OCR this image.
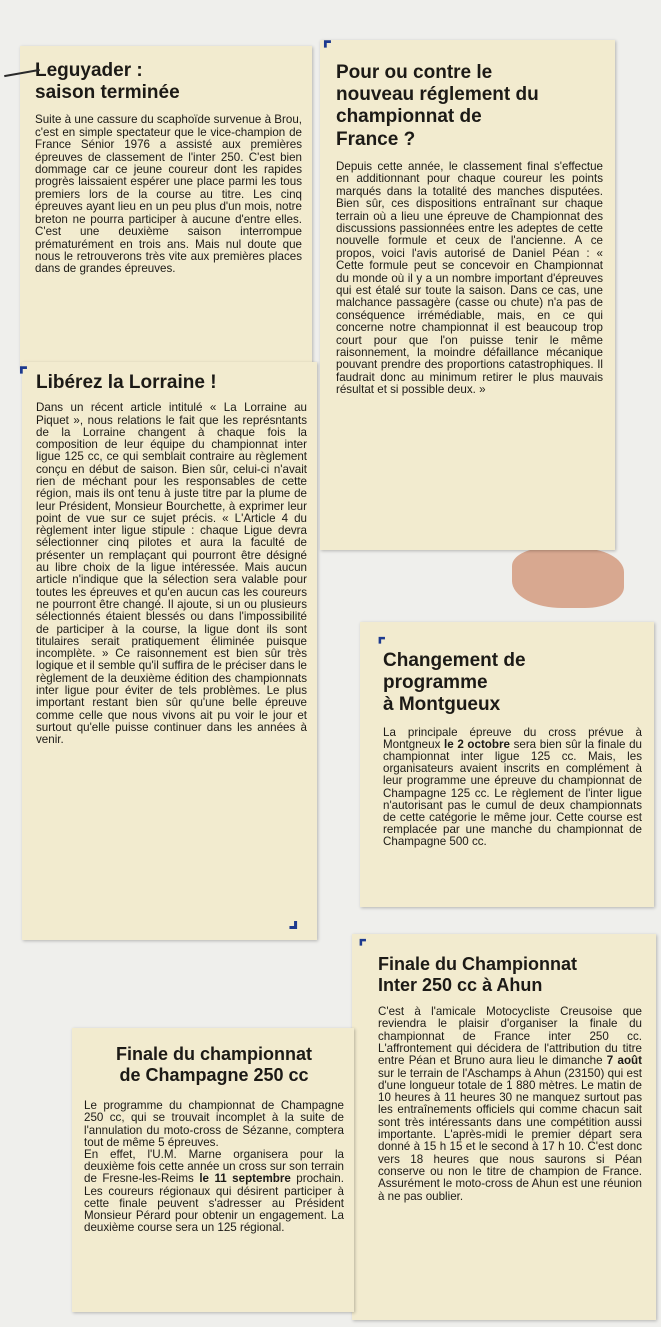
Leguyader :
saison terminée
Suite à une cassure du scaphoïde survenue à Brou, c'est en simple spectateur que le vice-champion de France Sénior 1976 a assisté aux premières épreuves de classement de l'inter 250. C'est bien dommage car ce jeune coureur dont les rapides progrès laissaient espérer une place parmi les tous premiers lors de la course au titre. Les cinq épreuves ayant lieu en un peu plus d'un mois, notre breton ne pourra participer à aucune d'entre elles. C'est une deuxième saison interrompue prématurément en trois ans. Mais nul doute que nous le retrouverons très vite aux premières places dans de grandes épreuves.
Libérez la Lorraine !
Dans un récent article intitulé « La Lorraine au Piquet », nous relations le fait que les représntants de la Lorraine changent à chaque fois la composition de leur équipe du championnat inter ligue 125 cc, ce qui semblait contraire au règlement conçu en début de saison. Bien sûr, celui-ci n'avait rien de méchant pour les responsables de cette région, mais ils ont tenu à juste titre par la plume de leur Président, Monsieur Bourchette, à exprimer leur point de vue sur ce sujet précis. « L'Article 4 du règlement inter ligue stipule : chaque Ligue devra sélectionner cinq pilotes et aura la faculté de présenter un remplaçant qui pourront être désigné au libre choix de la ligue intéressée. Mais aucun article n'indique que la sélection sera valable pour toutes les épreuves et qu'en aucun cas les coureurs ne pourront être changé. Il ajoute, si un ou plusieurs sélectionnés étaient blessés ou dans l'impossibilité de participer à la course, la ligue dont ils sont titulaires serait pratiquement éliminée puisque incomplète. » Ce raisonnement est bien sûr très logique et il semble qu'il suffira de le préciser dans le règlement de la deuxième édition des championnats inter ligue pour éviter de tels problèmes. Le plus important restant bien sûr qu'une belle épreuve comme celle que nous vivons ait pu voir le jour et surtout qu'elle puisse continuer dans les années à venir.
Pour ou contre le
nouveau réglement du
championnat de
France ?
Depuis cette année, le classement final s'effectue en additionnant pour chaque coureur les points marqués dans la totalité des manches disputées. Bien sûr, ces dispositions entraînant sur chaque terrain où a lieu une épreuve de Championnat des discussions passionnées entre les adeptes de cette nouvelle formule et ceux de l'ancienne. A ce propos, voici l'avis autorisé de Daniel Péan : « Cette formule peut se concevoir en Championnat du monde où il y a un nombre important d'épreuves qui est étalé sur toute la saison. Dans ce cas, une malchance passagère (casse ou chute) n'a pas de conséquence irrémédiable, mais, en ce qui concerne notre championnat il est beaucoup trop court pour que l'on puisse tenir le même raisonnement, la moindre défaillance mécanique pouvant prendre des proportions catastrophiques. Il faudrait donc au minimum retirer le plus mauvais résultat et si possible deux. »
Changement de
programme
à Montgueux
La principale épreuve du cross prévue à Montgneux le 2 octobre sera bien sûr la finale du championnat inter ligue 125 cc. Mais, les organisateurs avaient inscrits en complément à leur programme une épreuve du championnat de Champagne 125 cc. Le règlement de l'inter ligue n'autorisant pas le cumul de deux championnats de cette catégorie le même jour. Cette course est remplacée par une manche du championnat de Champagne 500 cc.
Finale du Championnat
Inter 250 cc à Ahun
C'est à l'amicale Motocycliste Creusoise que reviendra le plaisir d'organiser la finale du championnat de France inter 250 cc. L'affrontement qui décidera de l'attribution du titre entre Péan et Bruno aura lieu le dimanche 7 août sur le terrain de l'Aschamps à Ahun (23150) qui est d'une longueur totale de 1 880 mètres. Le matin de 10 heures à 11 heures 30 ne manquez surtout pas les entraînements officiels qui comme chacun sait sont très intéressants dans une compétition aussi importante. L'après-midi le premier départ sera donné à 15 h 15 et le second à 17 h 10. C'est donc vers 18 heures que nous saurons si Péan conserve ou non le titre de champion de France. Assurément le moto-cross de Ahun est une réunion à ne pas oublier.
Finale du championnat
de Champagne 250 cc

Le programme du championnat de Champagne 250 cc, qui se trouvait incomplet à la suite de l'annulation du moto-cross de Sézanne, comptera tout de même 5 épreuves.

En effet, l'U.M. Marne organisera pour la deuxième fois cette année un cross sur son terrain de Fresne-les-Reims le 11 septembre prochain. Les coureurs régionaux qui désirent participer à cette finale peuvent s'adresser au Président Monsieur Pérard pour obtenir un engagement. La deuxième course sera un 125 régional.

⌜
⌜
⌜
⌜
⌟
